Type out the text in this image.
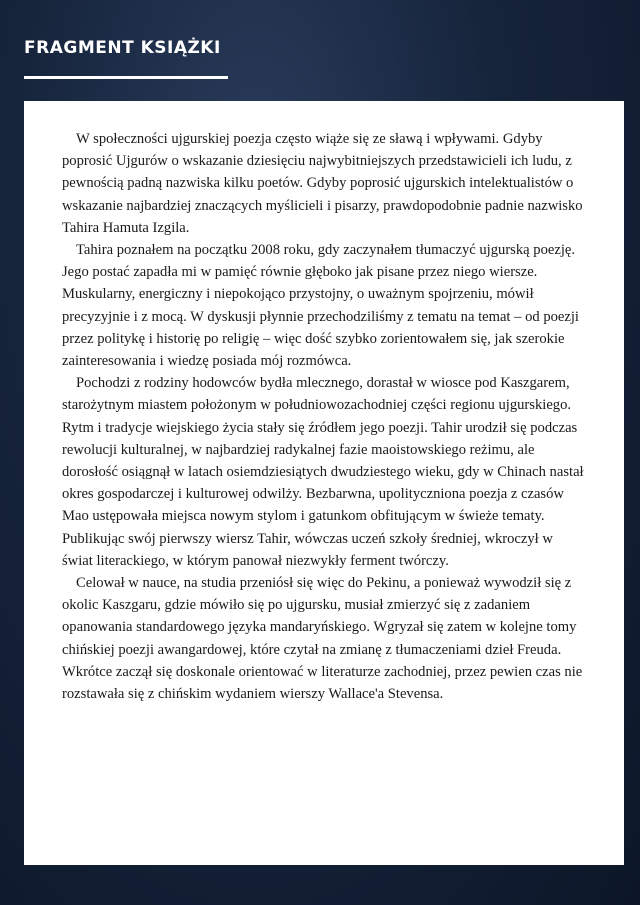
FRAGMENT KSIĄŻKI

W społeczności ujgurskiej poezja często wiąże się ze sławą i wpływami. Gdyby poprosić Ujgurów o wskazanie dziesięciu najwybitniejszych przedstawicieli ich ludu, z pewnością padną nazwiska kilku poetów. Gdyby poprosić ujgurskich intelektualistów o wskazanie najbardziej znaczących myślicieli i pisarzy, prawdopodobnie padnie nazwisko Tahira Hamuta Izgila.

Tahira poznałem na początku 2008 roku, gdy zaczynałem tłumaczyć ujgurską poezję. Jego postać zapadła mi w pamięć równie głęboko jak pisane przez niego wiersze. Muskularny, energiczny i niepokojąco przystojny, o uważnym spojrzeniu, mówił precyzyjnie i z mocą. W dyskusji płynnie przechodziliśmy z tematu na temat – od poezji przez politykę i historię po religię – więc dość szybko zorientowałem się, jak szerokie zainteresowania i wiedzę posiada mój rozmówca.

Pochodzi z rodziny hodowców bydła mlecznego, dorastał w wiosce pod Kaszgarem, starożytnym miastem położonym w południowozachodniej części regionu ujgurskiego. Rytm i tradycje wiejskiego życia stały się źródłem jego poezji. Tahir urodził się podczas rewolucji kulturalnej, w najbardziej radykalnej fazie maoistowskiego reżimu, ale dorosłość osiągnął w latach osiemdziesiątych dwudziestego wieku, gdy w Chinach nastał okres gospodarczej i kulturowej odwilży. Bezbarwna, upolityczniona poezja z czasów Mao ustępowała miejsca nowym stylom i gatunkom obfitującym w świeże tematy. Publikując swój pierwszy wiersz Tahir, wówczas uczeń szkoły średniej, wkroczył w świat literackiego, w którym panował niezwykły ferment twórczy.

Celował w nauce, na studia przeniósł się więc do Pekinu, a ponieważ wywodził się z okolic Kaszgaru, gdzie mówiło się po ujgursku, musiał zmierzyć się z zadaniem opanowania standardowego języka mandaryńskiego. Wgryzał się zatem w kolejne tomy chińskiej poezji awangardowej, które czytał na zmianę z tłumaczeniami dzieł Freuda. Wkrótce zaczął się doskonale orientować w literaturze zachodniej, przez pewien czas nie rozstawała się z chińskim wydaniem wierszy Wallace'a Stevensa.
